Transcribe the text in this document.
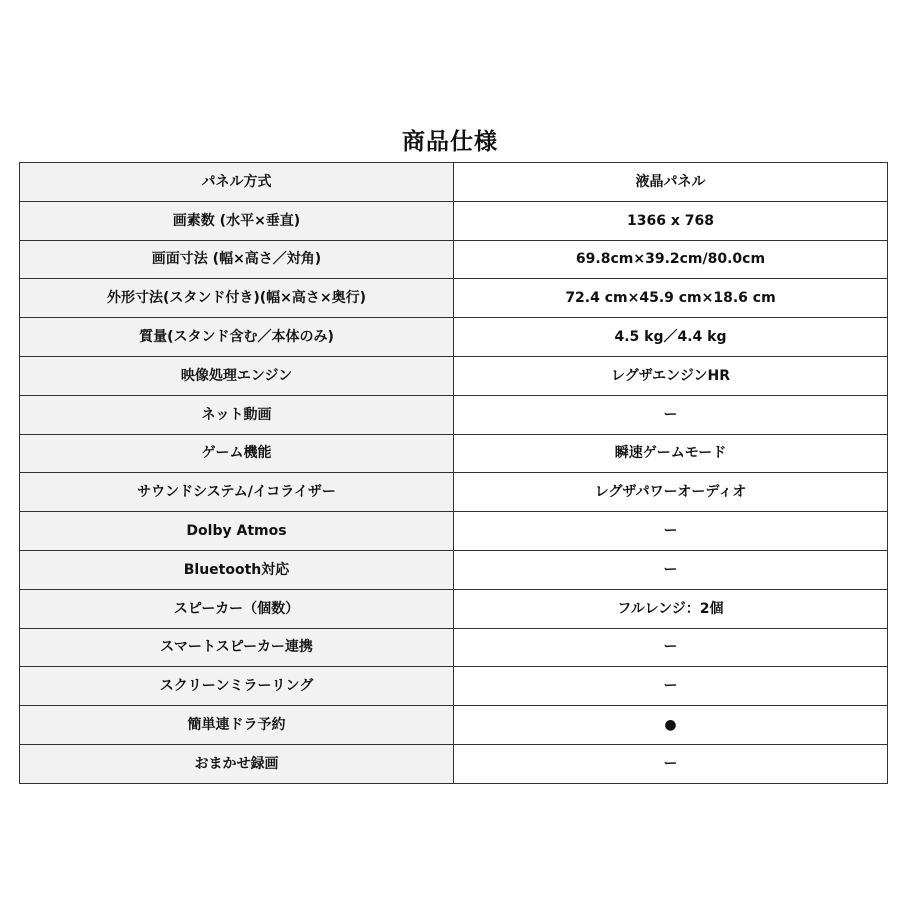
商品仕様
パネル方式	液晶パネル
画素数 (水平×垂直)	1366 x 768
画面寸法 (幅×高さ／対角)	69.8cm×39.2cm/80.0cm
外形寸法(スタンド付き)(幅×高さ×奥行)	72.4 cm×45.9 cm×18.6 cm
質量(スタンド含む／本体のみ)	4.5 kg／4.4 kg
映像処理エンジン	レグザエンジンHR
ネット動画	ー
ゲーム機能	瞬速ゲームモード
サウンドシステム/イコライザー	レグザパワーオーディオ
Dolby Atmos	ー
Bluetooth対応	ー
スピーカー（個数）	フルレンジ：2個
スマートスピーカー連携	ー
スクリーンミラーリング	ー
簡単連ドラ予約	●
おまかせ録画	ー
